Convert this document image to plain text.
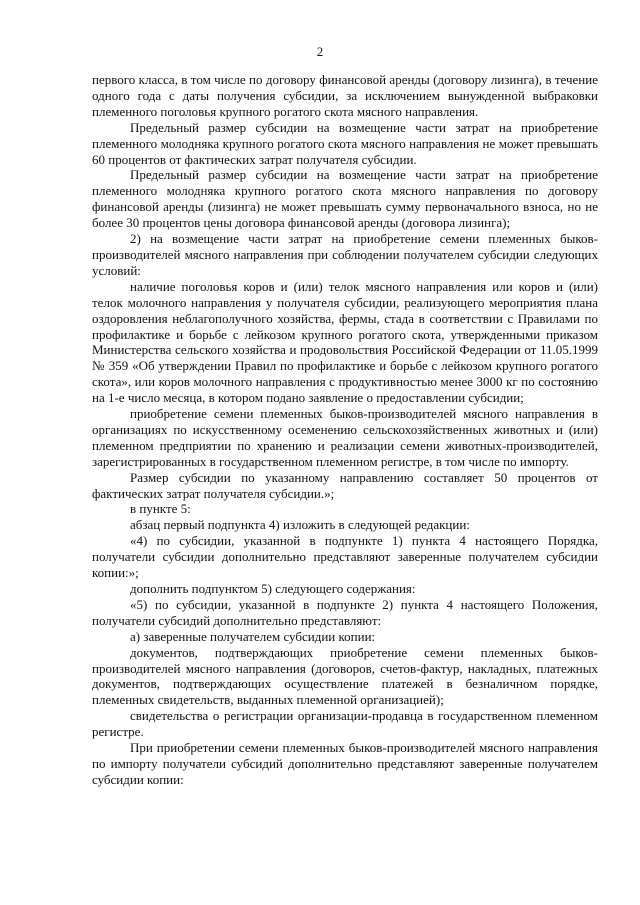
2

первого класса, в том числе по договору финансовой аренды (договору лизинга), в течение одного года с даты получения субсидии, за исключением вынужденной выбраковки племенного поголовья крупного рогатого скота мясного направления.

Предельный размер субсидии на возмещение части затрат на приобретение племенного молодняка крупного рогатого скота мясного направления не может превышать 60 процентов от фактических затрат получателя субсидии.

Предельный размер субсидии на возмещение части затрат на приобретение племенного молодняка крупного рогатого скота мясного направления по договору финансовой аренды (лизинга) не может превышать сумму первоначального взноса, но не более 30 процентов цены договора финансовой аренды (договора лизинга);

2) на возмещение части затрат на приобретение семени племенных быков-производителей мясного направления при соблюдении получателем субсидии следующих условий:

наличие поголовья коров и (или) телок мясного направления или коров и (или) телок молочного направления у получателя субсидии, реализующего мероприятия плана оздоровления неблагополучного хозяйства, фермы, стада в соответствии с Правилами по профилактике и борьбе с лейкозом крупного рогатого скота, утвержденными приказом Министерства сельского хозяйства и продовольствия Российской Федерации от 11.05.1999 № 359 «Об утверждении Правил по профилактике и борьбе с лейкозом крупного рогатого скота», или коров молочного направления с продуктивностью менее 3000 кг по состоянию на 1-е число месяца, в котором подано заявление о предоставлении субсидии;

приобретение семени племенных быков-производителей мясного направления в организациях по искусственному осеменению сельскохозяйственных животных и (или) племенном предприятии по хранению и реализации семени животных-производителей, зарегистрированных в государственном племенном регистре, в том числе по импорту.

Размер субсидии по указанному направлению составляет 50 процентов от фактических затрат получателя субсидии.»;

в пункте 5:

абзац первый подпункта 4) изложить в следующей редакции:

«4) по субсидии, указанной в подпункте 1) пункта 4 настоящего Порядка, получатели субсидии дополнительно представляют заверенные получателем субсидии копии:»;

дополнить подпунктом 5) следующего содержания:

«5) по субсидии, указанной в подпункте 2) пункта 4 настоящего Положения, получатели субсидий дополнительно представляют:

а) заверенные получателем субсидии копии:

документов, подтверждающих приобретение семени племенных быков-производителей мясного направления (договоров, счетов-фактур, накладных, платежных документов, подтверждающих осуществление платежей в безналичном порядке, племенных свидетельств, выданных племенной организацией);

свидетельства о регистрации организации-продавца в государственном племенном регистре.

При приобретении семени племенных быков-производителей мясного направления по импорту получатели субсидий дополнительно представляют заверенные получателем субсидии копии:
